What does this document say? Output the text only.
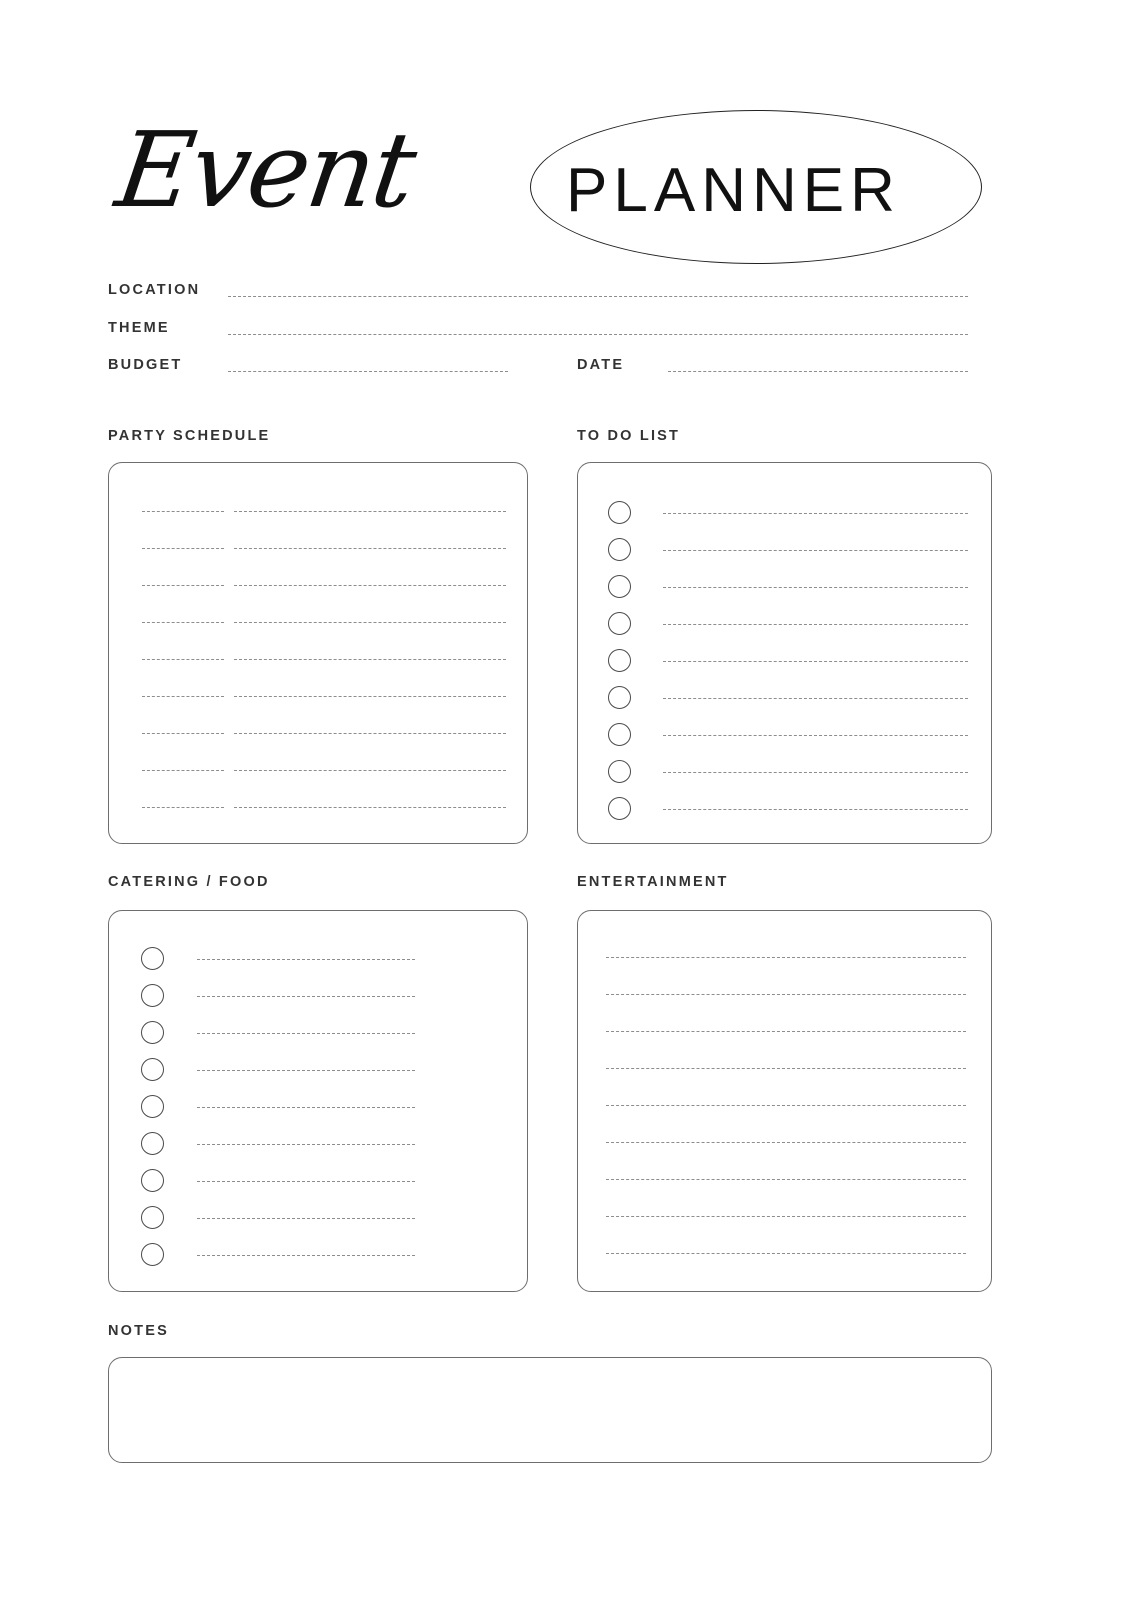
Event PLANNER
LOCATION
THEME
BUDGET	DATE
PARTY SCHEDULE	TO DO LIST
CATERING / FOOD	ENTERTAINMENT
NOTES
